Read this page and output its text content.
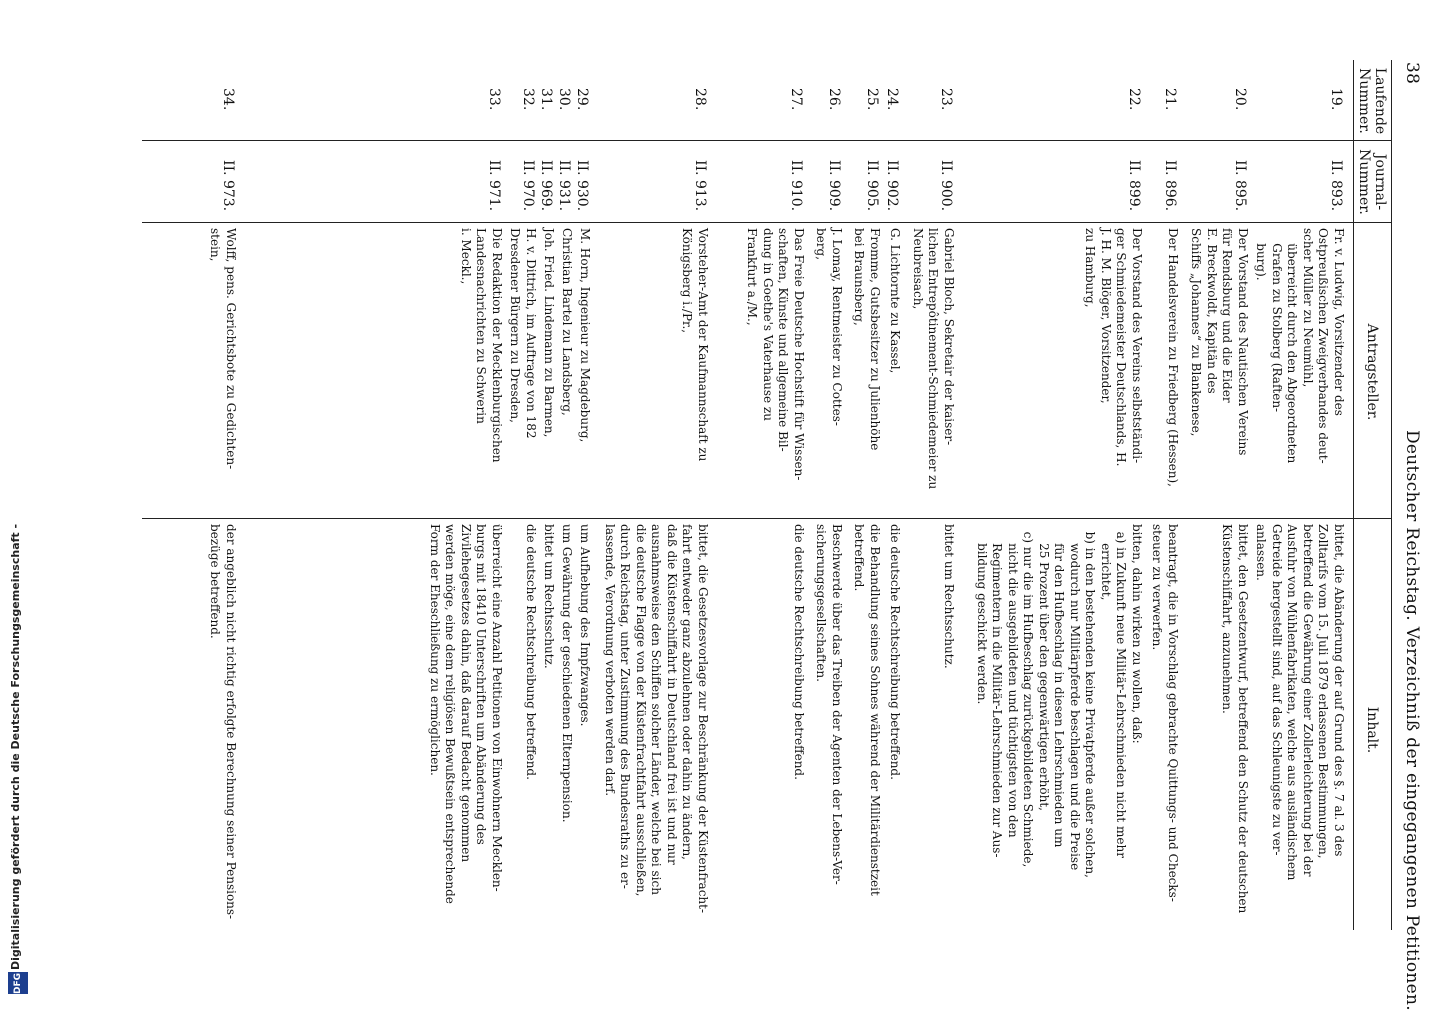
38
Deutscher Reichstag. Verzeichniß der eingegangenen Petitionen.
Laufende
Nummer.
Journal-
Nummer.
Antragsteller.
Inhalt.
19.
II. 893.
Fr. v. Ludwig, Vorsitzender des
Ostpreußischen Zweigverbandes deut-
scher Müller zu Neumühl,
überreicht durch den Abgeordneten
Grafen zu Stolberg (Raften-
burg).
bittet, die Abänderung der auf Grund des §. 7 al. 3 des
Zolltarifs vom 15. Juli 1879 erlassenen Bestimmungen,
betreffend die Gewährung einer Zollerleichterung bei der
Ausfuhr von Mühlenfabrikaten, welche aus ausländischem
Getreide hergestellt sind, auf das Schleunigste zu ver-
anlassen.
20.
II. 895.
Der Vorstand des Nautischen Vereins
für Rendsburg und die Eider
E. Breckwoldt, Kapitän des
Schiffs „Johannes“ zu Blankenese,
bittet, den Gesetzentwurf, betreffend den Schutz der deutschen
Küstenschiffahrt, anzunehmen.
21.
II. 896.
Der Handelsverein zu Friedberg (Hessen),
beantragt, die in Vorschlag gebrachte Quittungs- und Checks-
steuer zu verwerfen.
22.
II. 899.
Der Vorstand des Vereins selbstständi-
ger Schmiedemeister Deutschlands, H.
J. H. M. Blöger, Vorsitzender,
zu Hamburg,
bitten, dahin wirken zu wollen, daß:
a) in Zukunft neue Militär-Lehrschmieden nicht mehr
errichtet,
b) in den bestehenden keine Privatpferde außer solchen,
wodurch nur Militärpferde beschlagen und die Preise
für den Hufbeschlag in diesen Lehrschmieden um
25 Prozent über den gegenwärtigen erhöht,
c) nur die im Hufbeschlag zurückgebildeten Schmiede,
nicht die ausgebildeten und tüchtigsten von den
Regimentern in die Militär-Lehrschmieden zur Aus-
bildung geschickt werden.
23.
II. 900.
Gabriel Bloch, Sekretair der kaiser-
lichen Entrepôtinement-Schmiedemeier zu
Neubreisach,
bittet um Rechtsschutz.
24.
II. 902.
G. Lichtornte zu Kassel,
die deutsche Rechtschreibung betreffend.
25.
II. 905.
Fromme, Gutsbesitzer zu Julienhöhe
bei Braunsberg,
die Behandlung seines Sohnes während der Militärdienstzeit
betreffend.
26.
II. 909.
J. Lomay, Rentmeister zu Cottes-
berg,
Beschwerde über das Treiben der Agenten der Lebens-Ver-
sicherungsgesellschaften.
27.
II. 910.
Das Freie Deutsche Hochstift für Wissen-
schaften, Künste und allgemeine Bil-
dung in Goethe's Vaterhause zu
Frankfurt a./M.,
die deutsche Rechtschreibung betreffend.
28.
II. 913.
Vorsteher-Amt der Kaufmannschaft zu
Königsberg i./Pr.,
bittet, die Gesetzesvorlage zur Beschränkung der Küstenfracht-
fahrt entweder ganz abzulehnen oder dahin zu ändern,
daß die Küstenschiffahrt in Deutschland frei ist und nur
ausnahmsweise den Schiffen solcher Länder, welche bei sich
die deutsche Flagge von der Küstenfrachtfahrt ausschließen,
durch Reichstag, unter Zustimmung des Bundesraths zu er-
lassende, Verordnung verboten werden darf.
29.
II. 930.
M. Horn, Ingenieur zu Magdeburg,
um Aufhebung des Impfzwanges.
30.
II. 931.
Christian Bartel zu Landsberg,
um Gewährung der geschiedenen Elternpension.
31.
II. 969.
Joh. Fried. Lindemann zu Barmen,
bittet um Rechtsschutz.
32.
II. 970.
H. v. Dittrich, im Auftrage von 182
Dresdener Bürgern zu Dresden,
die deutsche Rechtschreibung betreffend.
33.
II. 971.
Die Redaktion der Mecklenburgischen
Landesnachrichten zu Schwerin
i. Meckl.,
überreicht eine Anzahl Petitionen von Einwohnern Mecklen-
burgs mit 18410 Unterschriften um Abänderung des
Zivilehegesetzes dahin, daß darauf Bedacht genommen
werden möge, eine dem religiösen Bewußtsein entsprechende
Form der Eheschließung zu ermöglichen.
34.
II. 973.
Wolff, pens. Gerichtsbote zu Gedichten-
stein,
der angeblich nicht richtig erfolgte Berechnung seiner Pensions-
bezüge betreffend.
Digitalisierung gefördert durch die Deutsche Forschungsgemeinschaft -
DFG
